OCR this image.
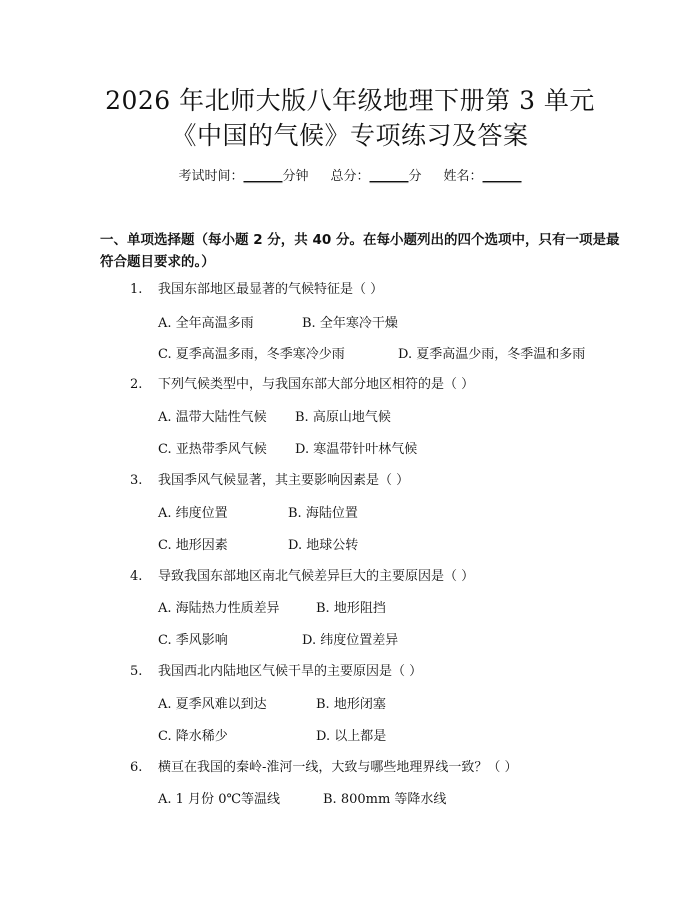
2026 年北师大版八年级地理下册第 3 单元
《中国的气候》专项练习及答案
考试时间：______分钟 总分：______分 姓名：______
一、单项选择题（每小题 2 分，共 40 分。在每小题列出的四个选项中，只有一项是最符合题目要求的。）
1. 我国东部地区最显著的气候特征是（ ）
A. 全年高温多雨	B. 全年寒冷干燥
C. 夏季高温多雨，冬季寒冷少雨	D. 夏季高温少雨，冬季温和多雨
2. 下列气候类型中，与我国东部大部分地区相符的是（ ）
A. 温带大陆性气候 B. 高原山地气候
C. 亚热带季风气候 D. 寒温带针叶林气候
3. 我国季风气候显著，其主要影响因素是（ ）
A. 纬度位置	B. 海陆位置
C. 地形因素	D. 地球公转
4. 导致我国东部地区南北气候差异巨大的主要原因是（ ）
A. 海陆热力性质差异	B. 地形阻挡
C. 季风影响	D. 纬度位置差异
5. 我国西北内陆地区气候干旱的主要原因是（ ）
A. 夏季风难以到达	B. 地形闭塞
C. 降水稀少	D. 以上都是
6. 横亘在我国的秦岭-淮河一线，大致与哪些地理界线一致？（ ）
A. 1 月份 0℃等温线	B. 800mm 等降水线
